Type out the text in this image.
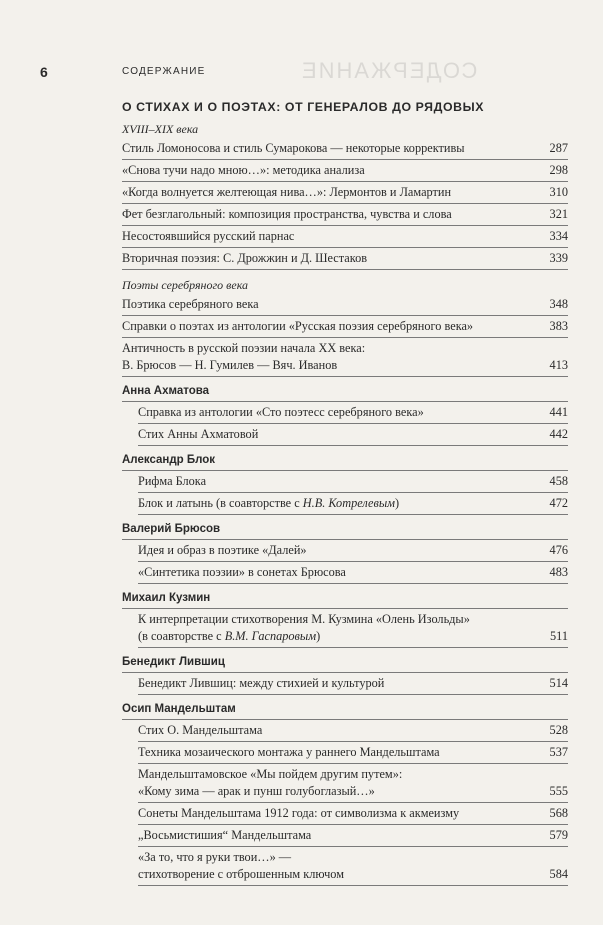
СОДЕРЖАНИЕ
6	СОДЕРЖАНИЕ
О СТИХАХ И О ПОЭТАХ: ОТ ГЕНЕРАЛОВ ДО РЯДОВЫХ
XVIII–XIX века
Стиль Ломоносова и стиль Сумарокова — некоторые коррективы	287
«Снова тучи надо мною…»: методика анализа	298
«Когда волнуется желтеющая нива…»: Лермонтов и Ламартин	310
Фет безглагольный: композиция пространства, чувства и слова	321
Несостоявшийся русский парнас	334
Вторичная поэзия: С. Дрожжин и Д. Шестаков	339
Поэты серебряного века
Поэтика серебряного века	348
Справки о поэтах из антологии «Русская поэзия серебряного века»	383
Античность в русской поэзии начала XX века:
В. Брюсов — Н. Гумилев — Вяч. Иванов	413
Анна Ахматова
Справка из антологии «Сто поэтесс серебряного века»	441
Стих Анны Ахматовой	442
Александр Блок
Рифма Блока	458
Блок и латынь (в соавторстве с Н.В. Котрелевым)	472
Валерий Брюсов
Идея и образ в поэтике «Далей»	476
«Синтетика поэзии» в сонетах Брюсова	483
Михаил Кузмин
К интерпретации стихотворения М. Кузмина «Олень Изольды»
(в соавторстве с В.М. Гаспаровым)	511
Бенедикт Лившиц
Бенедикт Лившиц: между стихией и культурой	514
Осип Мандельштам
Стих О. Мандельштама	528
Техника мозаического монтажа у раннего Мандельштама	537
Мандельштамовское «Мы пойдем другим путем»:
«Кому зима — арак и пунш голубоглазый…»	555
Сонеты Мандельштама 1912 года: от символизма к акмеизму	568
„Восьмистишия“ Мандельштама	579
«За то, что я руки твои…» —
стихотворение с отброшенным ключом	584
